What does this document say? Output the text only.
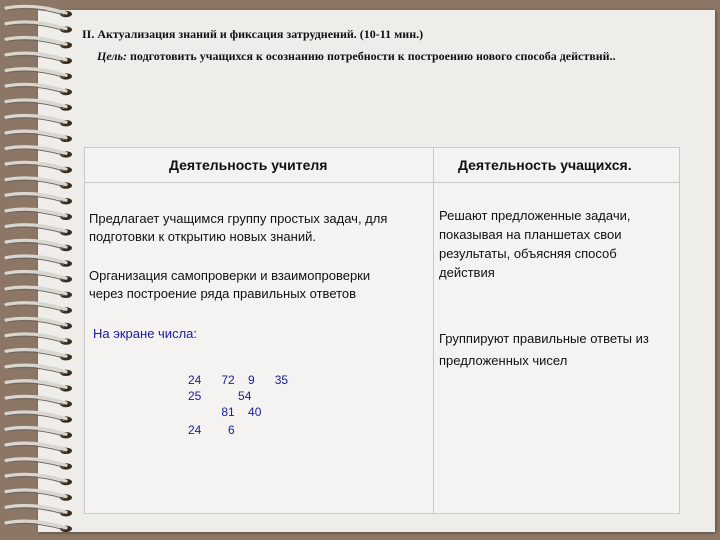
II. Актуализация знаний и фиксация затруднений. (10-11 мин.)
Цель: подготовить учащихся к осознанию потребности к построению нового способа действий..
Деятельность учителя	Деятельность учащихся.
Предлагает учащимся группу простых задач, для
подготовки к открытию новых знаний.
Организация самопроверки и взаимопроверки
через построение ряда правильных ответов
На экране числа:
24      72    9      35
25           54
81    40
24        6
Решают предложенные задачи,
показывая на планшетах свои
результаты, объясняя способ
действия
Группируют правильные ответы из
предложенных чисел
